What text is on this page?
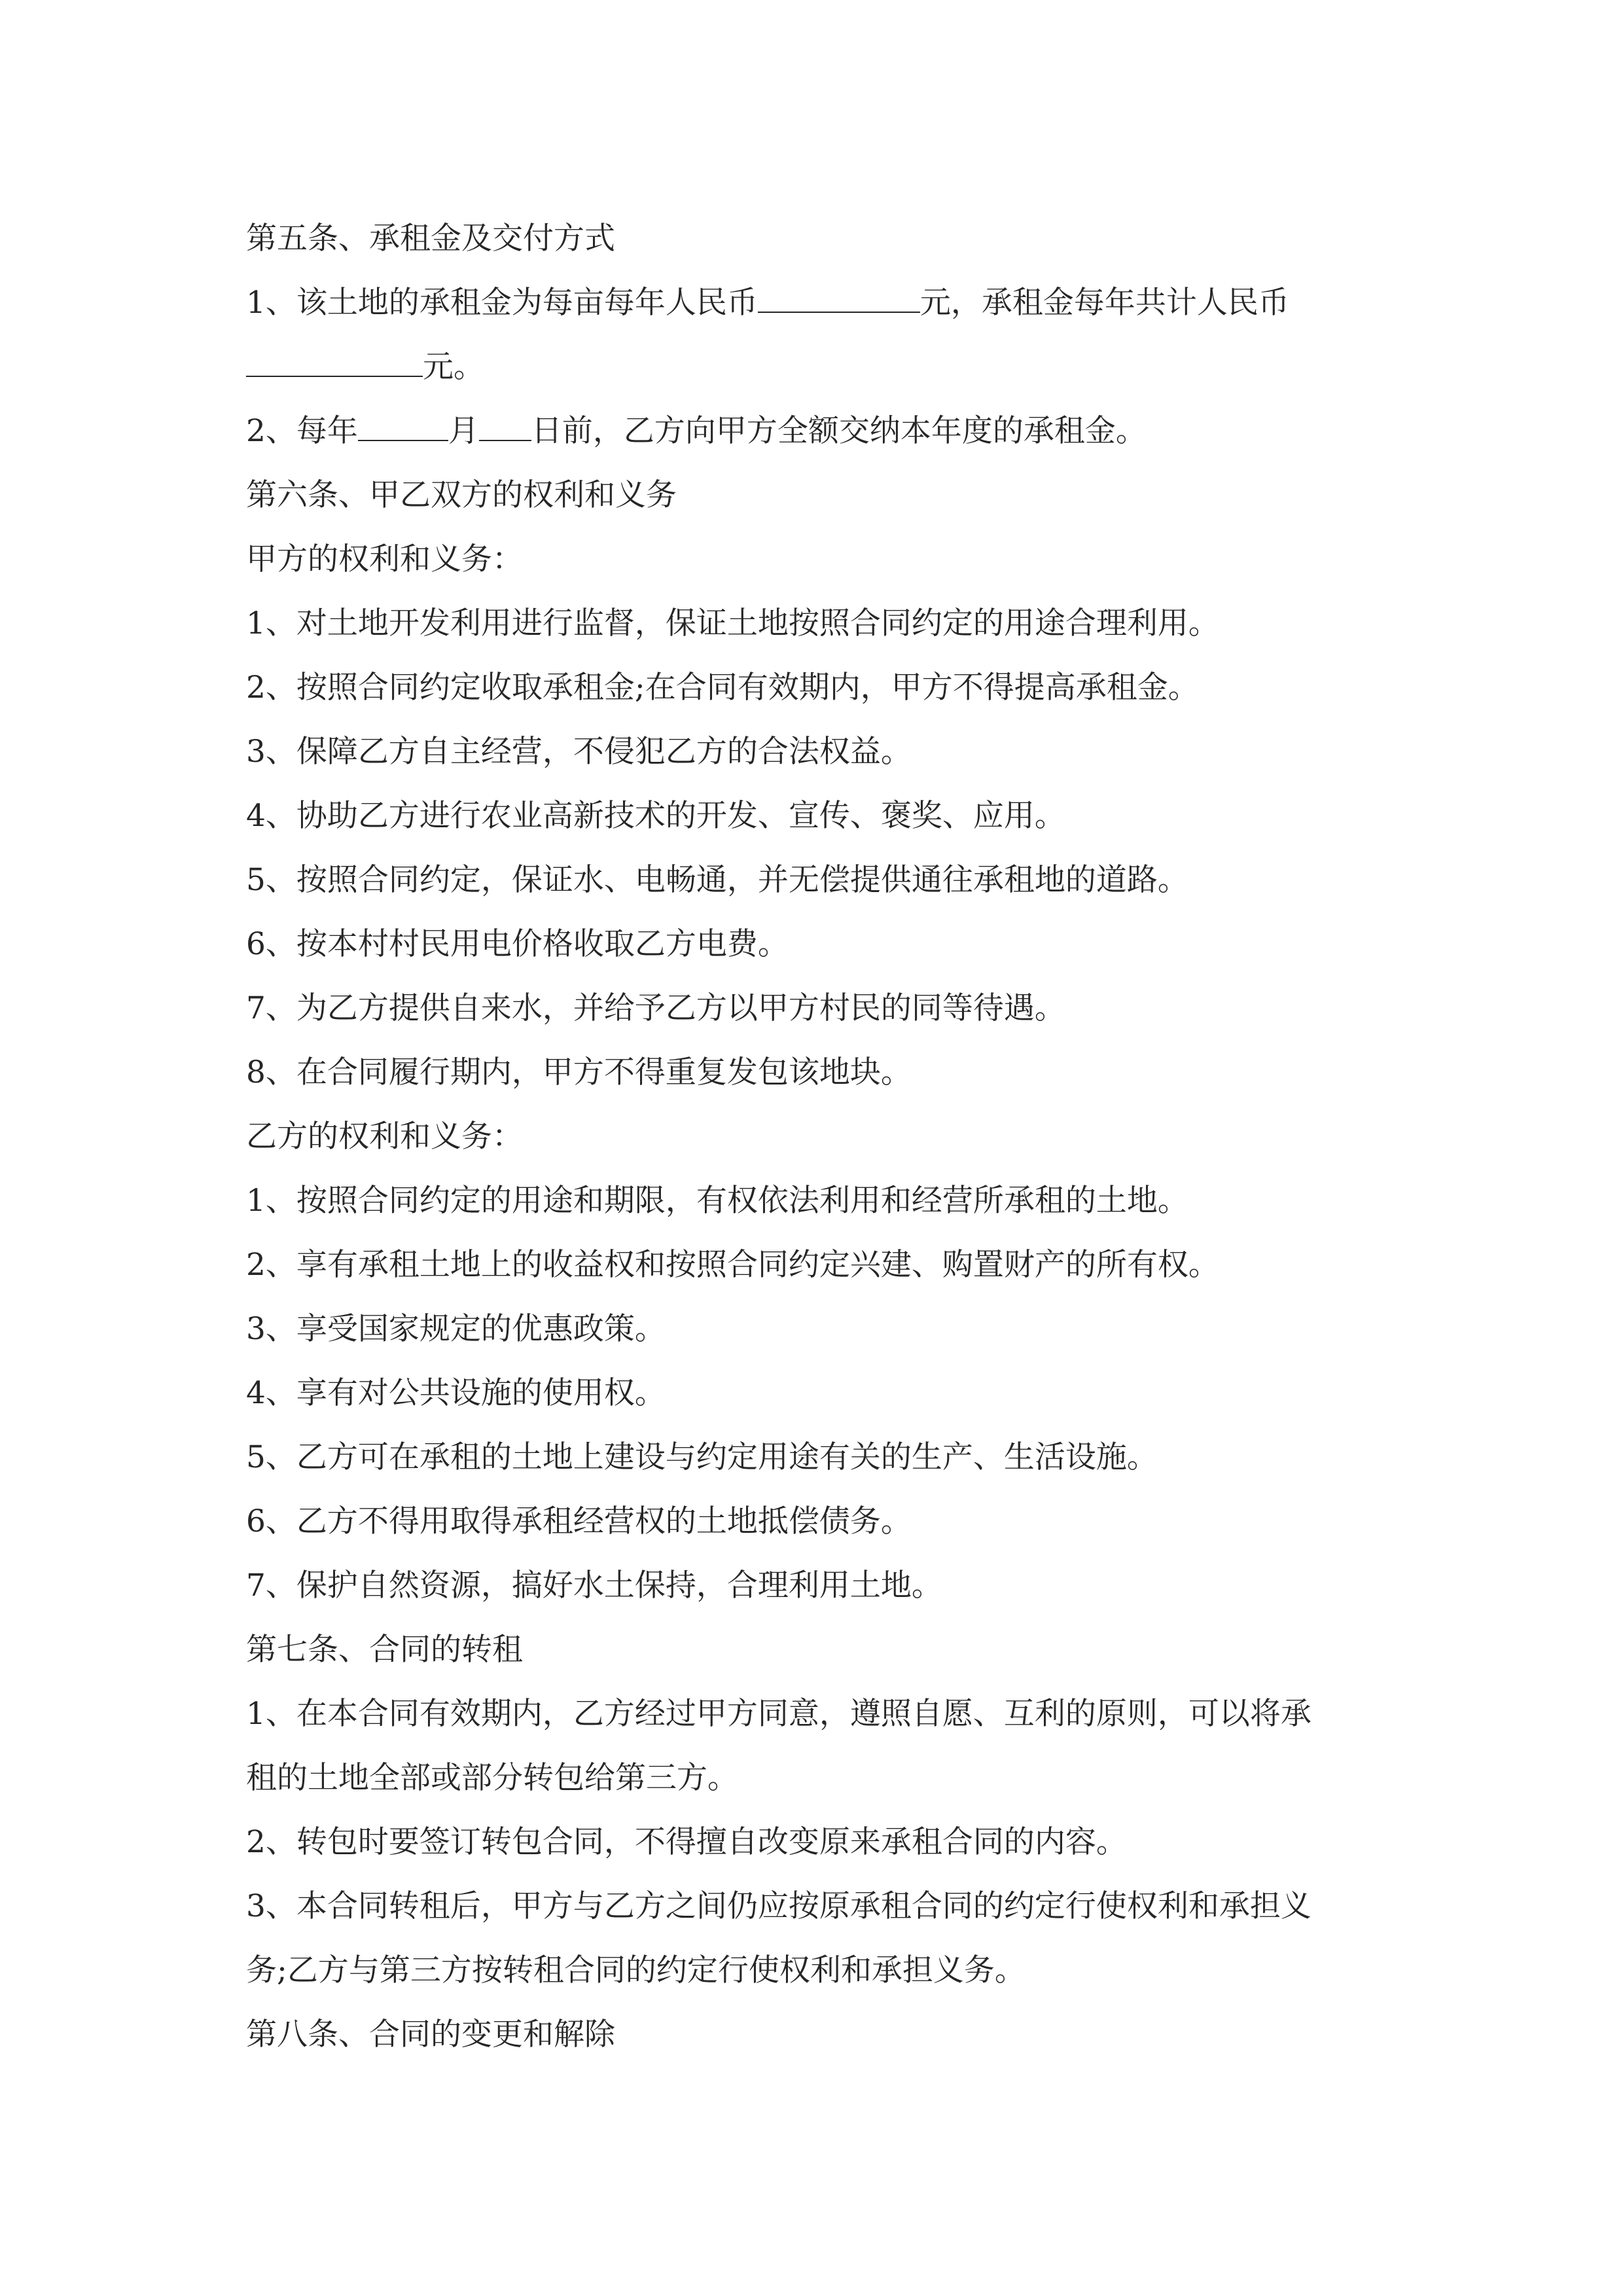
第五条、承租金及交付方式
1、该土地的承租金为每亩每年人民币	元，承租金每年共计人民币
元。
2、每年	月 日前，乙方向甲方全额交纳本年度的承租金。
第六条、甲乙双方的权利和义务
甲方的权利和义务：
1、对土地开发利用进行监督，保证土地按照合同约定的用途合理利用。
2、按照合同约定收取承租金;在合同有效期内，甲方不得提高承租金。
3、保障乙方自主经营，不侵犯乙方的合法权益。
4、协助乙方进行农业高新技术的开发、宣传、褒奖、应用。
5、按照合同约定，保证水、电畅通，并无偿提供通往承租地的道路。
6、按本村村民用电价格收取乙方电费。
7、为乙方提供自来水，并给予乙方以甲方村民的同等待遇。
8、在合同履行期内，甲方不得重复发包该地块。
乙方的权利和义务：
1、按照合同约定的用途和期限，有权依法利用和经营所承租的土地。
2、享有承租土地上的收益权和按照合同约定兴建、购置财产的所有权。
3、享受国家规定的优惠政策。
4、享有对公共设施的使用权。
5、乙方可在承租的土地上建设与约定用途有关的生产、生活设施。
6、乙方不得用取得承租经营权的土地抵偿债务。
7、保护自然资源，搞好水土保持，合理利用土地。
第七条、合同的转租
1、在本合同有效期内，乙方经过甲方同意，遵照自愿、互利的原则，可以将承
租的土地全部或部分转包给第三方。
2、转包时要签订转包合同，不得擅自改变原来承租合同的内容。
3、本合同转租后，甲方与乙方之间仍应按原承租合同的约定行使权利和承担义
务;乙方与第三方按转租合同的约定行使权利和承担义务。
第八条、合同的变更和解除
